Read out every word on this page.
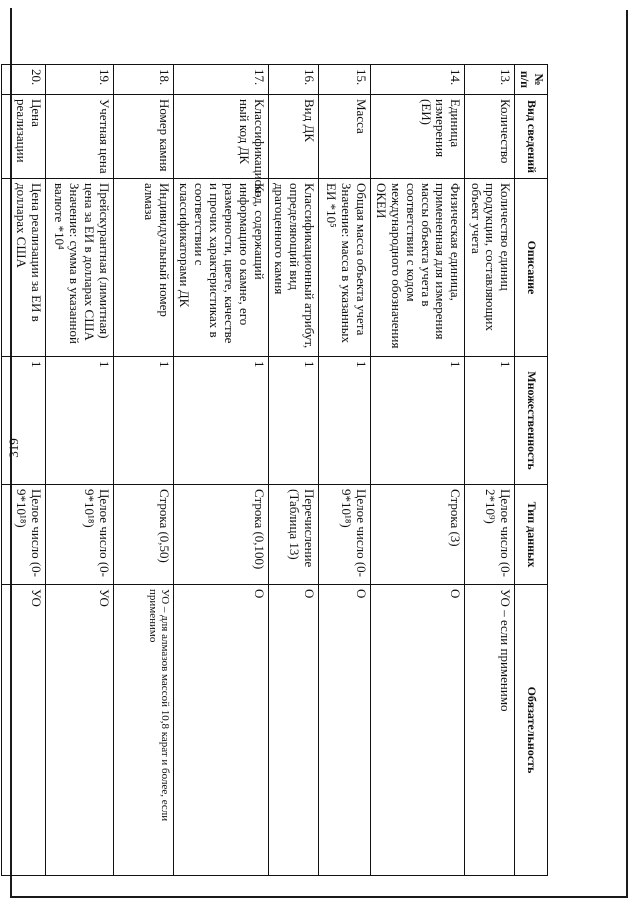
319
№ п/п	Вид сведений	Описание	Множественность	Тип данных	Обязательность
13.	Количество	Количество единиц продукции, составляющих объект учета	1	Целое число (0-2*10⁹)	УО – если применимо
14.	Единица измерения (ЕИ)	Физическая единица, примененная для измерения массы объекта учета в соответствии с кодом международного обозначения ОКЕИ	1	Строка (3)	О
15.	Масса	Общая масса объекта учета Значение: масса в указанных ЕИ *10⁵	1	Целое число (0-9*10¹⁸)	О
16.	Вид ДК	Классификационный атрибут, определяющий вид драгоценного камня	1	Перечисление (Таблица 13)	О
17.	Классификацион-ный код ДК	Код, содержащий информацию о камне, его размерности, цвете, качестве и прочих характеристиках в соответствии с классификаторами ДК	1	Строка (0,100)	О
18.	Номер камня	Индивидуальный номер алмаза	1	Строка (0,50)	УО – для алмазов массой 10,8 карат и более, если применимо
19.	Учетная цена	Прейскурантная (лимитная) цена за ЕИ в долларах США Значение: сумма в указанной валюте *10⁴	1	Целое число (0-9*10¹⁸)	УО
20.	Цена реализации	Цена реализации за ЕИ в долларах США	1	Целое число (0-9*10¹⁸)	УО
